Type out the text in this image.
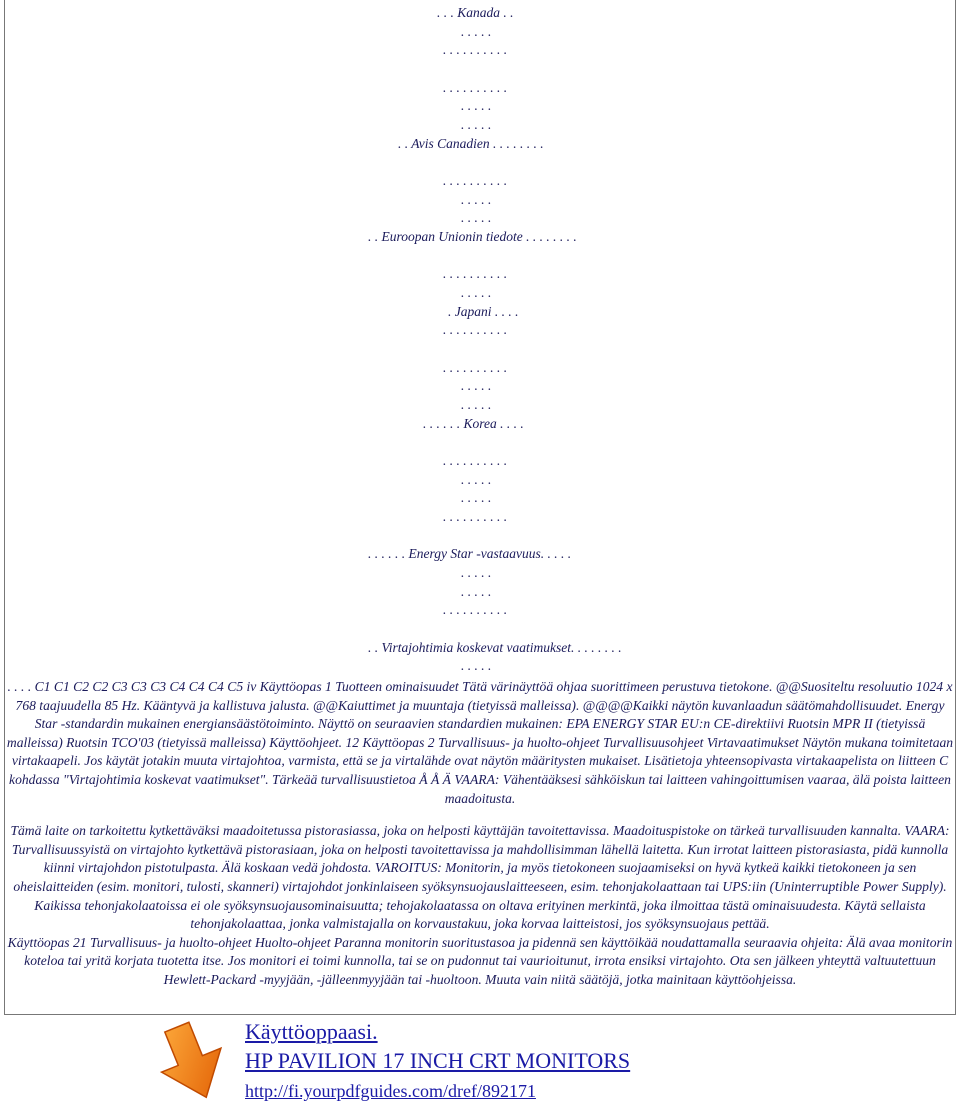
. . . Kanada . .
. . . . .
. . . . . . . . . .
. . . . . . . . . .
. . . . .
. . . . .
. . Avis Canadien . . . . . . . .
. . . . . . . . . .
. . . . .
. . . . .
. . Euroopan Unionin tiedote . . . . . . . .
. . . . . . . . . .
. . . . .
. Japani . . . .
. . . . . . . . . .
. . . . . . . . . .
. . . . .
. . . . .
. . . . . . Korea . . . .
. . . . . . . . . .
. . . . .
. . . . .
. . . . . . . . . .
. . . . . . Energy Star -vastaavuus. . . . .
. . . . .
. . . . .
. . . . . . . . . .
. . Virtajohtimia koskevat vaatimukset. . . . . . . .
. . . . .

. . . . C1 C1 C2 C2 C3 C3 C3 C4 C4 C4 C5 iv Käyttöopas 1 Tuotteen ominaisuudet Tätä värinäyttöä ohjaa suorittimeen perustuva tietokone. @@Suositeltu resoluutio 1024 x 768 taajuudella 85 Hz. Kääntyvä ja kallistuva jalusta. @@Kaiuttimet ja muuntaja (tietyissä malleissa). @@@@Kaikki näytön kuvanlaadun säätömahdollisuudet. Energy Star -standardin mukainen energiansäästötoiminto. Näyttö on seuraavien standardien mukainen: EPA ENERGY STAR EU:n CE-direktiivi Ruotsin MPR II (tietyissä malleissa) Ruotsin TCO'03 (tietyissä malleissa) Käyttöohjeet. 12 Käyttöopas 2 Turvallisuus- ja huolto-ohjeet Turvallisuusohjeet Virtavaatimukset Näytön mukana toimitetaan virtakaapeli. Jos käytät jotakin muuta virtajohtoa, varmista, että se ja virtalähde ovat näytön määritysten mukaiset. Lisätietoja yhteensopivasta virtakaapelista on liitteen C kohdassa "Virtajohtimia koskevat vaatimukset". Tärkeää turvallisuustietoa Å Å Ä VAARA: Vähentääksesi sähköiskun tai laitteen vahingoittumisen vaaraa, älä poista laitteen maadoitusta.

Tämä laite on tarkoitettu kytkettäväksi maadoitetussa pistorasiassa, joka on helposti käyttäjän tavoitettavissa. Maadoituspistoke on tärkeä turvallisuuden kannalta. VAARA: Turvallisuussyistä on virtajohto kytkettävä pistorasiaan, joka on helposti tavoitettavissa ja mahdollisimman lähellä laitetta. Kun irrotat laitteen pistorasiasta, pidä kunnolla kiinni virtajohdon pistotulpasta. Älä koskaan vedä johdosta. VAROITUS: Monitorin, ja myös tietokoneen suojaamiseksi on hyvä kytkeä kaikki tietokoneen ja sen oheislaitteiden (esim. monitori, tulosti, skanneri) virtajohdot jonkinlaiseen syöksynsuojauslaitteeseen, esim. tehonjakolaattaan tai UPS:iin (Uninterruptible Power Supply). Kaikissa tehonjakolaatoissa ei ole syöksynsuojausominaisuutta; tehojakolaatassa on oltava erityinen merkintä, joka ilmoittaa tästä ominaisuudesta. Käytä sellaista tehonjakolaattaa, jonka valmistajalla on korvaustakuu, joka korvaa laitteistosi, jos syöksynsuojaus pettää.

Käyttöopas 21 Turvallisuus- ja huolto-ohjeet Huolto-ohjeet Paranna monitorin suoritustasoa ja pidennä sen käyttöikää noudattamalla seuraavia ohjeita: Älä avaa monitorin koteloa tai yritä korjata tuotetta itse. Jos monitori ei toimi kunnolla, tai se on pudonnut tai vaurioitunut, irrota ensiksi virtajohto. Ota sen jälkeen yhteyttä valtuutettuun Hewlett-Packard -myyjään, -jälleenmyyjään tai -huoltoon. Muuta vain niitä säätöjä, jotka mainitaan käyttöohjeissa.

Käyttöoppaasi.
HP PAVILION 17 INCH CRT MONITORS
http://fi.yourpdfguides.com/dref/892171
